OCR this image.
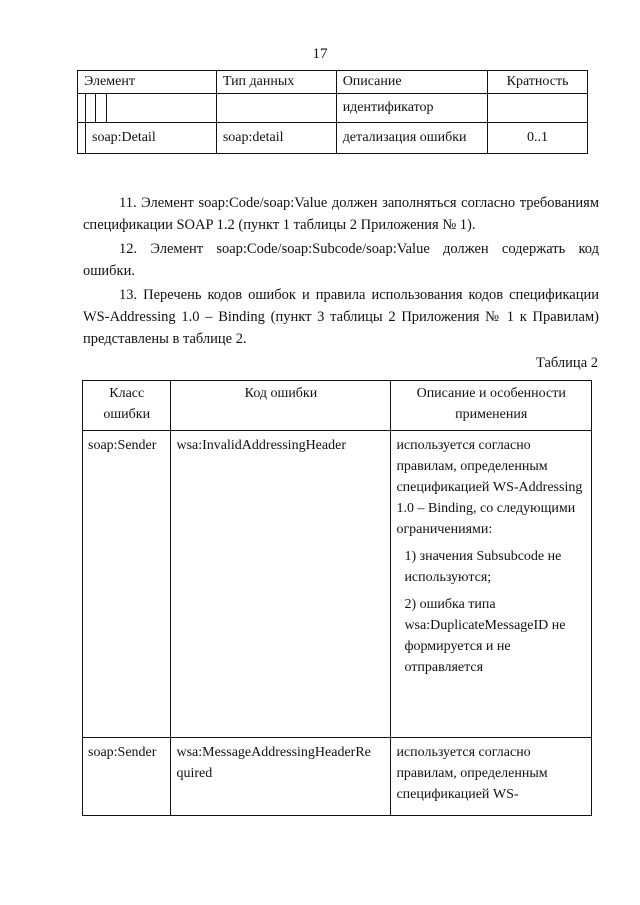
17
Элемент	Тип данных	Описание	Кратность

		идентификатор	

soap:Detail	soap:detail	детализация ошибки	0..1

11. Элемент soap:Code/soap:Value должен заполняться согласно требованиям спецификации SOAP 1.2 (пункт 1 таблицы 2 Приложения № 1).

12. Элемент soap:Code/soap:Subcode/soap:Value должен содержать код ошибки.

13. Перечень кодов ошибок и правила использования кодов спецификации WS-Addressing 1.0 – Binding (пункт 3 таблицы 2 Приложения № 1 к Правилам) представлены в таблице 2.

Таблица 2
Класс ошибки	Код ошибки	Описание и особенности применения
soap:Sender	wsa:InvalidAddressingHeader	используется согласно правилам, определенным спецификацией WS-Addressing 1.0 – Binding, со следующими ограничениями:

1) значения Subsubcode не используются;

2) ошибка типа wsa:DuplicateMessageID не формируется и не отправляется

soap:Sender	wsa:MessageAddressingHeaderRe quired	используется согласно правилам, определенным спецификацией WS-
